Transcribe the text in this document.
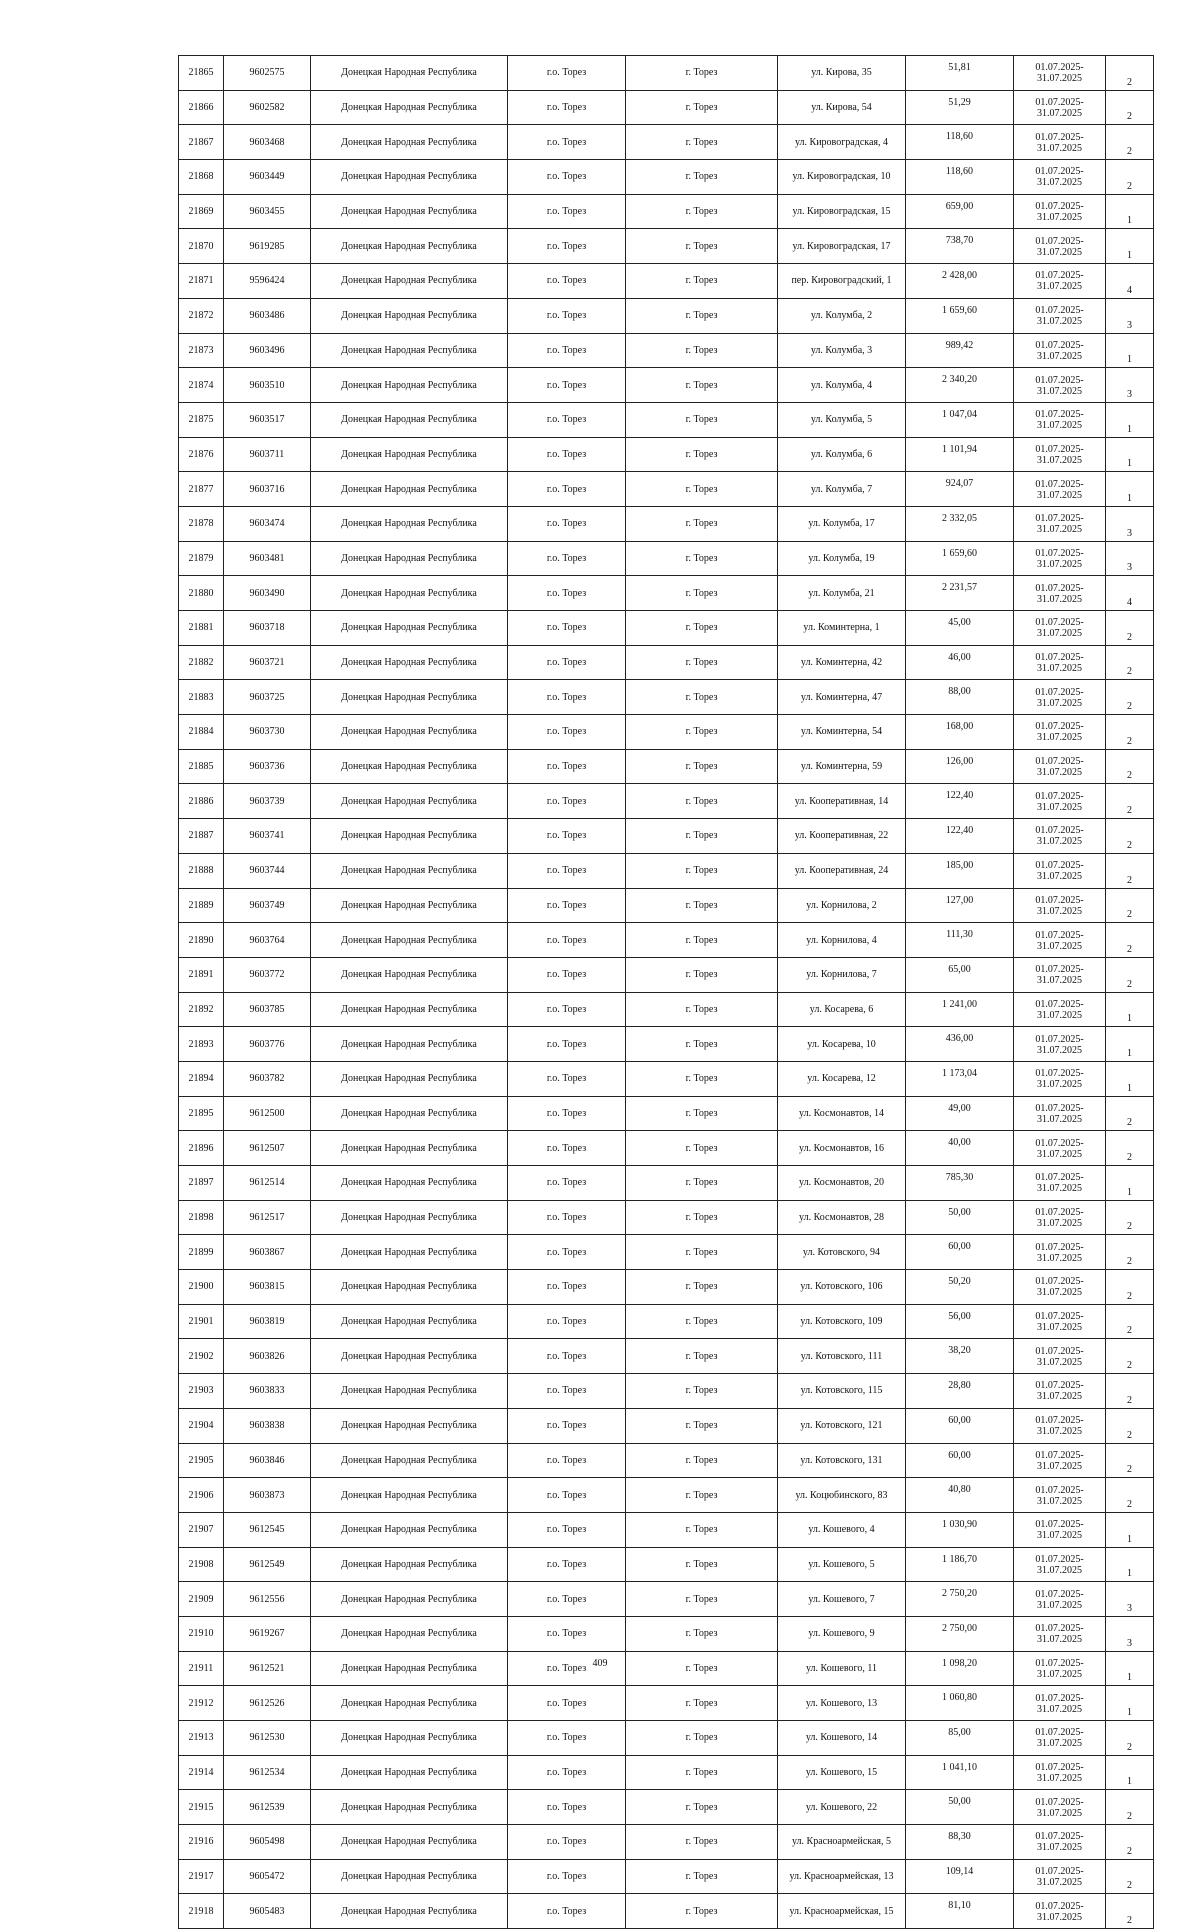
21865	9602575	Донецкая Народная Республика	г.о. Торез	г. Торез	ул. Кирова, 35	51,81	01.07.2025-31.07.2025	2
21866	9602582	Донецкая Народная Республика	г.о. Торез	г. Торез	ул. Кирова, 54	51,29	01.07.2025-31.07.2025	2
21867	9603468	Донецкая Народная Республика	г.о. Торез	г. Торез	ул. Кировоградская, 4	118,60	01.07.2025-31.07.2025	2
21868	9603449	Донецкая Народная Республика	г.о. Торез	г. Торез	ул. Кировоградская, 10	118,60	01.07.2025-31.07.2025	2
21869	9603455	Донецкая Народная Республика	г.о. Торез	г. Торез	ул. Кировоградская, 15	659,00	01.07.2025-31.07.2025	1
21870	9619285	Донецкая Народная Республика	г.о. Торез	г. Торез	ул. Кировоградская, 17	738,70	01.07.2025-31.07.2025	1
21871	9596424	Донецкая Народная Республика	г.о. Торез	г. Торез	пер. Кировоградский, 1	2 428,00	01.07.2025-31.07.2025	4
21872	9603486	Донецкая Народная Республика	г.о. Торез	г. Торез	ул. Колумба, 2	1 659,60	01.07.2025-31.07.2025	3
21873	9603496	Донецкая Народная Республика	г.о. Торез	г. Торез	ул. Колумба, 3	989,42	01.07.2025-31.07.2025	1
21874	9603510	Донецкая Народная Республика	г.о. Торез	г. Торез	ул. Колумба, 4	2 340,20	01.07.2025-31.07.2025	3
21875	9603517	Донецкая Народная Республика	г.о. Торез	г. Торез	ул. Колумба, 5	1 047,04	01.07.2025-31.07.2025	1
21876	9603711	Донецкая Народная Республика	г.о. Торез	г. Торез	ул. Колумба, 6	1 101,94	01.07.2025-31.07.2025	1
21877	9603716	Донецкая Народная Республика	г.о. Торез	г. Торез	ул. Колумба, 7	924,07	01.07.2025-31.07.2025	1
21878	9603474	Донецкая Народная Республика	г.о. Торез	г. Торез	ул. Колумба, 17	2 332,05	01.07.2025-31.07.2025	3
21879	9603481	Донецкая Народная Республика	г.о. Торез	г. Торез	ул. Колумба, 19	1 659,60	01.07.2025-31.07.2025	3
21880	9603490	Донецкая Народная Республика	г.о. Торез	г. Торез	ул. Колумба, 21	2 231,57	01.07.2025-31.07.2025	4
21881	9603718	Донецкая Народная Республика	г.о. Торез	г. Торез	ул. Коминтерна, 1	45,00	01.07.2025-31.07.2025	2
21882	9603721	Донецкая Народная Республика	г.о. Торез	г. Торез	ул. Коминтерна, 42	46,00	01.07.2025-31.07.2025	2
21883	9603725	Донецкая Народная Республика	г.о. Торез	г. Торез	ул. Коминтерна, 47	88,00	01.07.2025-31.07.2025	2
21884	9603730	Донецкая Народная Республика	г.о. Торез	г. Торез	ул. Коминтерна, 54	168,00	01.07.2025-31.07.2025	2
21885	9603736	Донецкая Народная Республика	г.о. Торез	г. Торез	ул. Коминтерна, 59	126,00	01.07.2025-31.07.2025	2
21886	9603739	Донецкая Народная Республика	г.о. Торез	г. Торез	ул. Кооперативная, 14	122,40	01.07.2025-31.07.2025	2
21887	9603741	Донецкая Народная Республика	г.о. Торез	г. Торез	ул. Кооперативная, 22	122,40	01.07.2025-31.07.2025	2
21888	9603744	Донецкая Народная Республика	г.о. Торез	г. Торез	ул. Кооперативная, 24	185,00	01.07.2025-31.07.2025	2
21889	9603749	Донецкая Народная Республика	г.о. Торез	г. Торез	ул. Корнилова, 2	127,00	01.07.2025-31.07.2025	2
21890	9603764	Донецкая Народная Республика	г.о. Торез	г. Торез	ул. Корнилова, 4	111,30	01.07.2025-31.07.2025	2
21891	9603772	Донецкая Народная Республика	г.о. Торез	г. Торез	ул. Корнилова, 7	65,00	01.07.2025-31.07.2025	2
21892	9603785	Донецкая Народная Республика	г.о. Торез	г. Торез	ул. Косарева, 6	1 241,00	01.07.2025-31.07.2025	1
21893	9603776	Донецкая Народная Республика	г.о. Торез	г. Торез	ул. Косарева, 10	436,00	01.07.2025-31.07.2025	1
21894	9603782	Донецкая Народная Республика	г.о. Торез	г. Торез	ул. Косарева, 12	1 173,04	01.07.2025-31.07.2025	1
21895	9612500	Донецкая Народная Республика	г.о. Торез	г. Торез	ул. Космонавтов, 14	49,00	01.07.2025-31.07.2025	2
21896	9612507	Донецкая Народная Республика	г.о. Торез	г. Торез	ул. Космонавтов, 16	40,00	01.07.2025-31.07.2025	2
21897	9612514	Донецкая Народная Республика	г.о. Торез	г. Торез	ул. Космонавтов, 20	785,30	01.07.2025-31.07.2025	1
21898	9612517	Донецкая Народная Республика	г.о. Торез	г. Торез	ул. Космонавтов, 28	50,00	01.07.2025-31.07.2025	2
21899	9603867	Донецкая Народная Республика	г.о. Торез	г. Торез	ул. Котовского, 94	60,00	01.07.2025-31.07.2025	2
21900	9603815	Донецкая Народная Республика	г.о. Торез	г. Торез	ул. Котовского, 106	50,20	01.07.2025-31.07.2025	2
21901	9603819	Донецкая Народная Республика	г.о. Торез	г. Торез	ул. Котовского, 109	56,00	01.07.2025-31.07.2025	2
21902	9603826	Донецкая Народная Республика	г.о. Торез	г. Торез	ул. Котовского, 111	38,20	01.07.2025-31.07.2025	2
21903	9603833	Донецкая Народная Республика	г.о. Торез	г. Торез	ул. Котовского, 115	28,80	01.07.2025-31.07.2025	2
21904	9603838	Донецкая Народная Республика	г.о. Торез	г. Торез	ул. Котовского, 121	60,00	01.07.2025-31.07.2025	2
21905	9603846	Донецкая Народная Республика	г.о. Торез	г. Торез	ул. Котовского, 131	60,00	01.07.2025-31.07.2025	2
21906	9603873	Донецкая Народная Республика	г.о. Торез	г. Торез	ул. Коцюбинского, 83	40,80	01.07.2025-31.07.2025	2
21907	9612545	Донецкая Народная Республика	г.о. Торез	г. Торез	ул. Кошевого, 4	1 030,90	01.07.2025-31.07.2025	1
21908	9612549	Донецкая Народная Республика	г.о. Торез	г. Торез	ул. Кошевого, 5	1 186,70	01.07.2025-31.07.2025	1
21909	9612556	Донецкая Народная Республика	г.о. Торез	г. Торез	ул. Кошевого, 7	2 750,20	01.07.2025-31.07.2025	3
21910	9619267	Донецкая Народная Республика	г.о. Торез	г. Торез	ул. Кошевого, 9	2 750,00	01.07.2025-31.07.2025	3
21911	9612521	Донецкая Народная Республика	г.о. Торез	г. Торез	ул. Кошевого, 11	1 098,20	01.07.2025-31.07.2025	1
21912	9612526	Донецкая Народная Республика	г.о. Торез	г. Торез	ул. Кошевого, 13	1 060,80	01.07.2025-31.07.2025	1
21913	9612530	Донецкая Народная Республика	г.о. Торез	г. Торез	ул. Кошевого, 14	85,00	01.07.2025-31.07.2025	2
21914	9612534	Донецкая Народная Республика	г.о. Торез	г. Торез	ул. Кошевого, 15	1 041,10	01.07.2025-31.07.2025	1
21915	9612539	Донецкая Народная Республика	г.о. Торез	г. Торез	ул. Кошевого, 22	50,00	01.07.2025-31.07.2025	2
21916	9605498	Донецкая Народная Республика	г.о. Торез	г. Торез	ул. Красноармейская, 5	88,30	01.07.2025-31.07.2025	2
21917	9605472	Донецкая Народная Республика	г.о. Торез	г. Торез	ул. Красноармейская, 13	109,14	01.07.2025-31.07.2025	2
21918	9605483	Донецкая Народная Республика	г.о. Торез	г. Торез	ул. Красноармейская, 15	81,10	01.07.2025-31.07.2025	2
409
